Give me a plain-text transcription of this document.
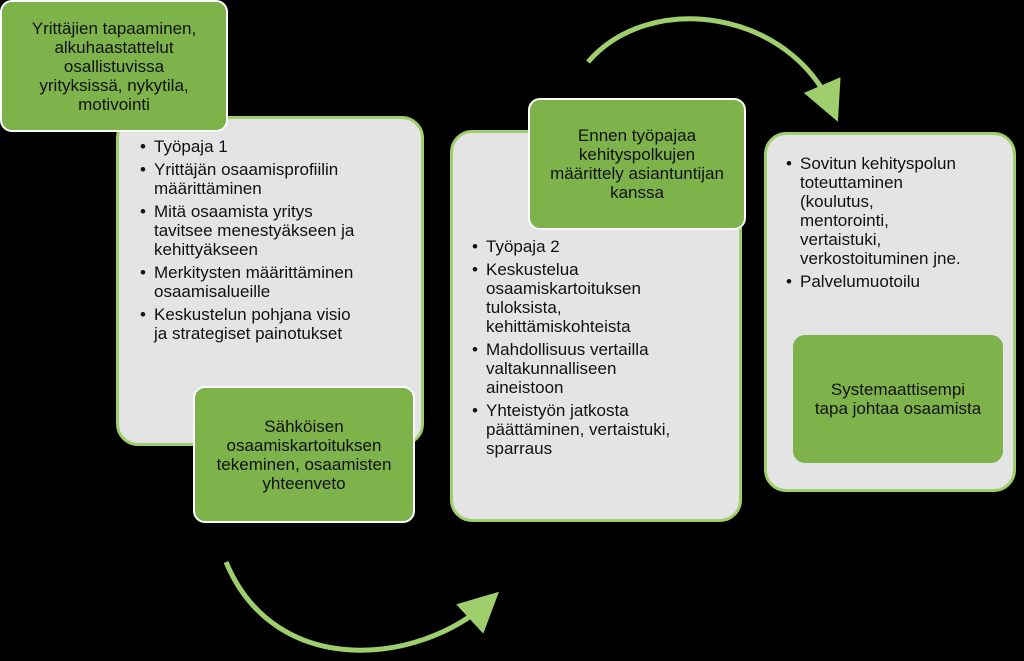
• Työpaja 1
• Yrittäjän osaamisprofiilin
määrittäminen
• Mitä osaamista yritys
tavitsee menestyäkseen ja
kehittyäkseen
• Merkitysten määrittäminen
osaamisalueille
• Keskustelun pohjana visio
ja strategiset painotukset
• Työpaja 2
• Keskustelua
osaamiskartoituksen
tuloksista,
kehittämiskohteista
• Mahdollisuus vertailla
valtakunnalliseen
aineistoon
• Yhteistyön jatkosta
päättäminen, vertaistuki,
sparraus
• Sovitun kehityspolun
toteuttaminen
(koulutus,
mentorointi,
vertaistuki,
verkostoituminen jne.
• Palvelumuotoilu
Yrittäjien tapaaminen,
alkuhaastattelut
osallistuvissa
yrityksissä, nykytila,
motivointi
Sähköisen
osaamiskartoituksen
tekeminen, osaamisten
yhteenveto
Ennen työpajaa
kehityspolkujen
määrittely asiantuntijan
kanssa
Systemaattisempi
tapa johtaa osaamista
